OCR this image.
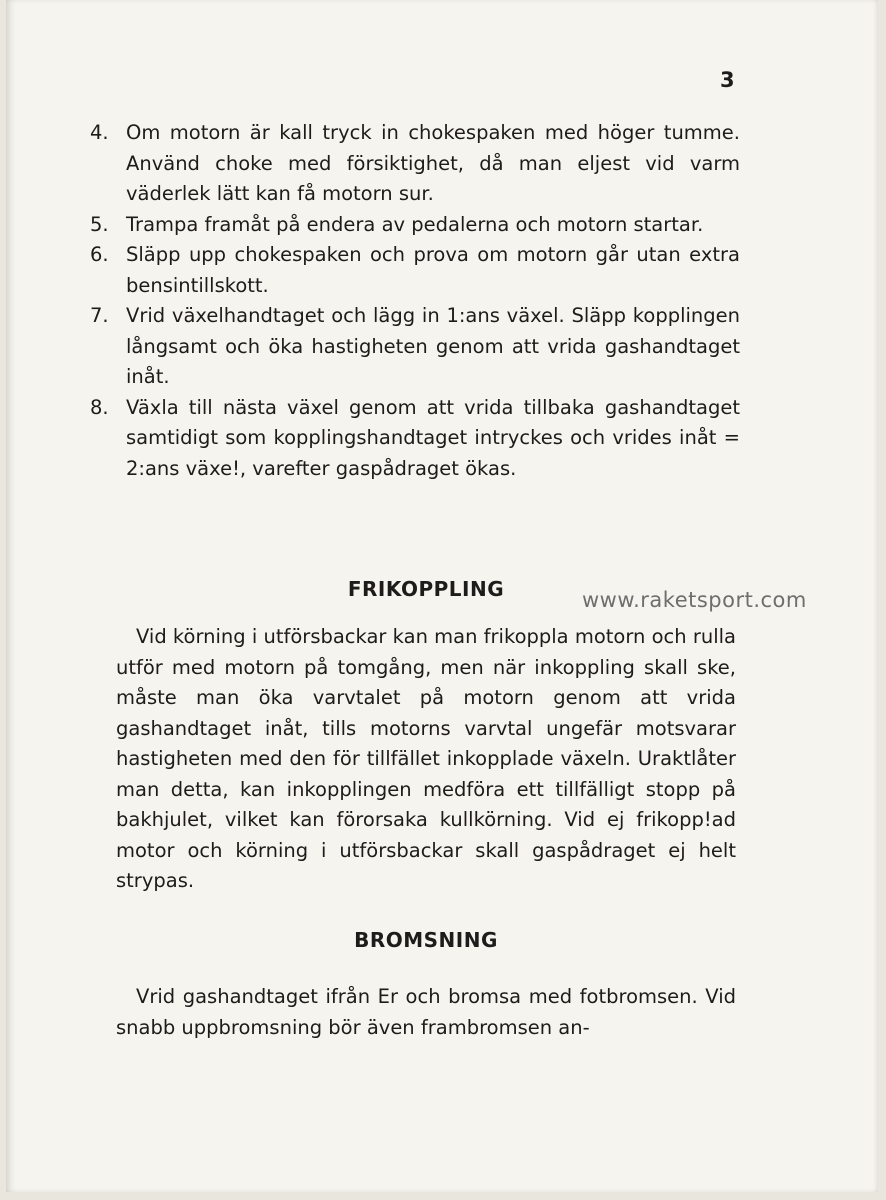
3
4. Om motorn är kall tryck in chokespaken med höger tumme. Använd choke med försiktighet, då man eljest vid varm väderlek lätt kan få motorn sur.
5. Trampa framåt på endera av pedalerna och motorn startar.
6. Släpp upp chokespaken och prova om motorn går utan extra bensintillskott.
7. Vrid växelhandtaget och lägg in 1:ans växel. Släpp kopplingen långsamt och öka hastigheten genom att vrida gashandtaget inåt.
8. Växla till nästa växel genom att vrida tillbaka gashandtaget samtidigt som kopplingshandtaget intryckes och vrides inåt = 2:ans växe!, varefter gaspådraget ökas.
FRIKOPPLING	www.raketsport.com

Vid körning i utförsbackar kan man frikoppla motorn och rulla utför med motorn på tomgång, men när inkoppling skall ske, måste man öka varvtalet på motorn genom att vrida gashandtaget inåt, tills motorns varvtal ungefär motsvarar hastigheten med den för tillfället inkopplade växeln. Uraktlåter man detta, kan inkopplingen medföra ett tillfälligt stopp på bakhjulet, vilket kan förorsaka kullkörning. Vid ej frikopp!ad motor och körning i utförsbackar skall gaspådraget ej helt strypas.

BROMSNING

Vrid gashandtaget ifrån Er och bromsa med fotbromsen. Vid snabb uppbromsning bör även frambromsen an-
